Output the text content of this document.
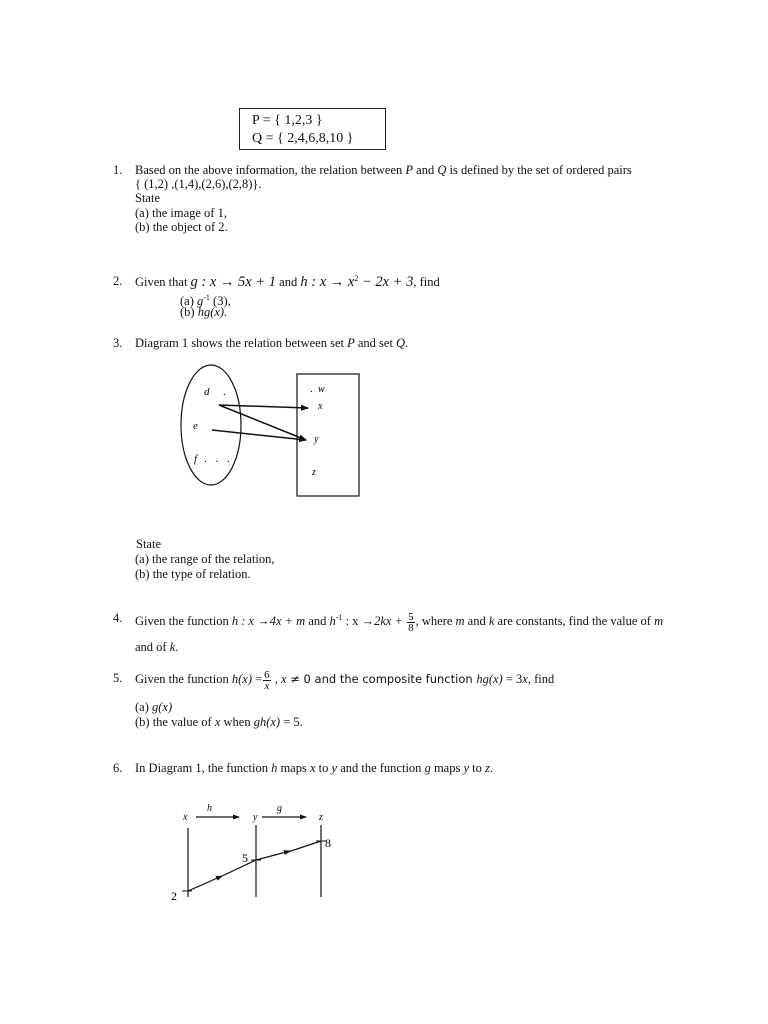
P = { 1,2,3 }
Q = { 2,4,6,8,10 }
1. Based on the above information, the relation between P and Q is defined by the set of ordered pairs
{ (1,2) ,(1,4),(2,6),(2,8)}.
State
(a) the image of 1,
(b) the object of 2.
2. Given that g : x → 5x + 1 and h : $x \to x^2 - 2x + 3$, find
(a) $g^{-1}$ (3),
(b) hg(x).
3. Diagram 1 shows the relation between set P and set Q.
d .
e
f . . .
. w
. x
y
z
h	g
x	y	z
2
5
8
State
(a) the range of the relation,
(b) the type of relation.
4. Given the function h : x →4x + m and $h^{-1}$ : $x \to 2kx + \frac{5}{8}$ , where m and k are constants, find the value of m
and of k.
5. Given the function $h(x) = \frac{6}{x}$ , x ≠ 0 and the composite function hg(x) = 3x, find
(a) g(x)
(b) the value of x when gh(x) = 5.
6. In Diagram 1, the function h maps x to y and the function g maps y to z.
